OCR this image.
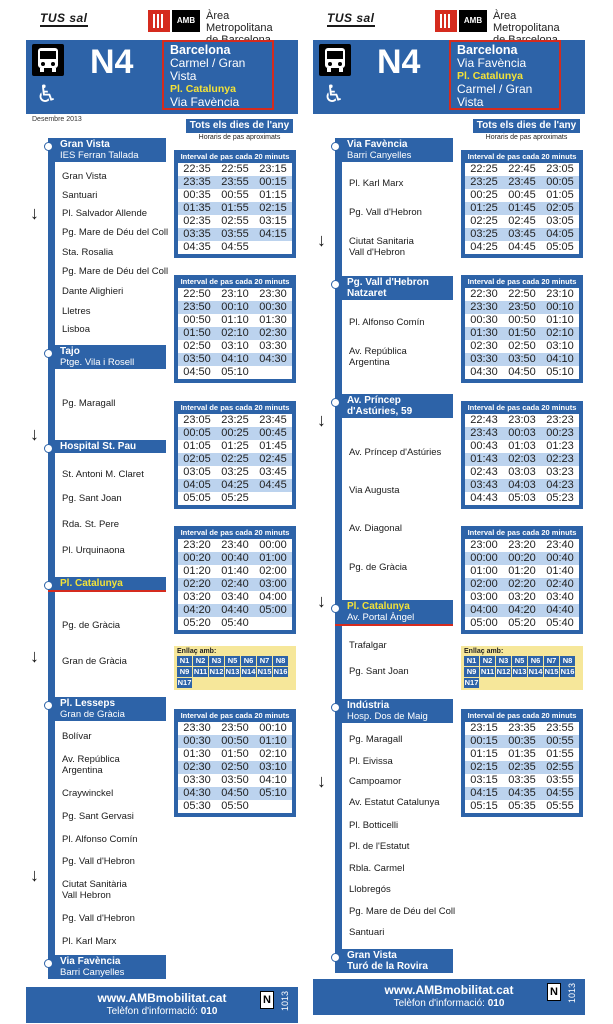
TUS sal	AMB Àrea Metropolitana
♿
N4	Barcelona
Carmel / Gran Vista
Pl. Catalunya
Via Favència
Desembre 2013
Tots els dies de l'any
Horaris de pas aproximats
Gran Vista
IES Ferran Tallada
Tajo
Ptge. Vila i Rosell
Hospital St. Pau
Pl. Catalunya
Pl. Lesseps
Gran de Gràcia
Via Favència
Barri Canyelles
Gran Vista
Santuari
Pl. Salvador Allende
Pg. Mare de Déu del Coll
Sta. Rosalia
Pg. Mare de Déu del Coll
Dante Alighieri
Lletres
Lisboa
Pg. Maragall
St. Antoni M. Claret
Pg. Sant Joan
Rda. St. Pere
Pl. Urquinaona
Pg. de Gràcia
Gran de Gràcia
Bolívar
Av. República Argentina
Craywinckel
Pg. Sant Gervasi
Pl. Alfonso Comín
Pg. Vall d'Hebron
Ciutat Sanitària Vall Hebron
Pg. Vall d'Hebron
Pl. Karl Marx
↓
↓
↓
↓
Interval de pas cada 20 minuts
22:35	22:55	23:15
23:35	23:55	00:15
00:35	00:55	01:15
01:35	01:55	02:15
02:35	02:55	03:15
03:35	03:55	04:15
04:35	04:55	
Interval de pas cada 20 minuts
22:50	23:10	23:30
23:50	00:10	00:30
00:50	01:10	01:30
01:50	02:10	02:30
02:50	03:10	03:30
03:50	04:10	04:30
04:50	05:10	
Interval de pas cada 20 minuts
23:05	23:25	23:45
00:05	00:25	00:45
01:05	01:25	01:45
02:05	02:25	02:45
03:05	03:25	03:45
04:05	04:25	04:45
05:05	05:25	
Interval de pas cada 20 minuts
23:20	23:40	00:00
00:20	00:40	01:00
01:20	01:40	02:00
02:20	02:40	03:00
03:20	03:40	04:00
04:20	04:40	05:00
05:20	05:40	
Enllaç amb:
N1 N2 N3 N5 N6 N7 N8
N9 N11 N12 N13 N14 N15 N16
N17
Interval de pas cada 20 minuts
23:30	23:50	00:10
00:30	00:50	01:10
01:30	01:50	02:10
02:30	02:50	03:10
03:30	03:50	04:10
04:30	04:50	05:10
05:30	05:50	
www.AMBmobilitat.cat
Telèfon d'informació: 010
N	1013
TUS sal	AMB Àrea Metropolitana
♿
N4	Barcelona
Via Favència
Pl. Catalunya
Carmel / Gran Vista
Tots els dies de l'any
Horaris de pas aproximats
Via Favència
Barri Canyelles
Pg. Vall d'Hebron
Natzaret
Av. Príncep
d'Astúries, 59
Pl. Catalunya
Av. Portal Àngel
Indústria
Hosp. Dos de Maig
Gran Vista
Turó de la Rovira
Pl. Karl Marx
Pg. Vall d'Hebron
Ciutat Sanitaria Vall d'Hebron
Pl. Alfonso Comín
Av. República Argentina
Av. Príncep d'Astúries
Via Augusta
Av. Diagonal
Pg. de Gràcia
Trafalgar
Pg. Sant Joan
Pg. Maragall
Pl. Eivissa
Campoamor
Av. Estatut Catalunya
Pl. Botticelli
Pl. de l'Estatut
Rbla. Carmel
Llobregós
Pg. Mare de Déu del Coll
Santuari
↓
↓
↓
↓
Interval de pas cada 20 minuts
22:25	22:45	23:05
23:25	23:45	00:05
00:25	00:45	01:05
01:25	01:45	02:05
02:25	02:45	03:05
03:25	03:45	04:05
04:25	04:45	05:05
Interval de pas cada 20 minuts
22:30	22:50	23:10
23:30	23:50	00:10
00:30	00:50	01:10
01:30	01:50	02:10
02:30	02:50	03:10
03:30	03:50	04:10
04:30	04:50	05:10
Interval de pas cada 20 minuts
22:43	23:03	23:23
23:43	00:03	00:23
00:43	01:03	01:23
01:43	02:03	02:23
02:43	03:03	03:23
03:43	04:03	04:23
04:43	05:03	05:23
Interval de pas cada 20 minuts
23:00	23:20	23:40
00:00	00:20	00:40
01:00	01:20	01:40
02:00	02:20	02:40
03:00	03:20	03:40
04:00	04:20	04:40
05:00	05:20	05:40
Enllaç amb:
N1 N2 N3 N5 N6 N7 N8
N9 N11 N12 N13 N14 N15 N16
N17
Interval de pas cada 20 minuts
23:15	23:35	23:55
00:15	00:35	00:55
01:15	01:35	01:55
02:15	02:35	02:55
03:15	03:35	03:55
04:15	04:35	04:55
05:15	05:35	05:55
www.AMBmobilitat.cat
Telèfon d'informació: 010
N	1013
